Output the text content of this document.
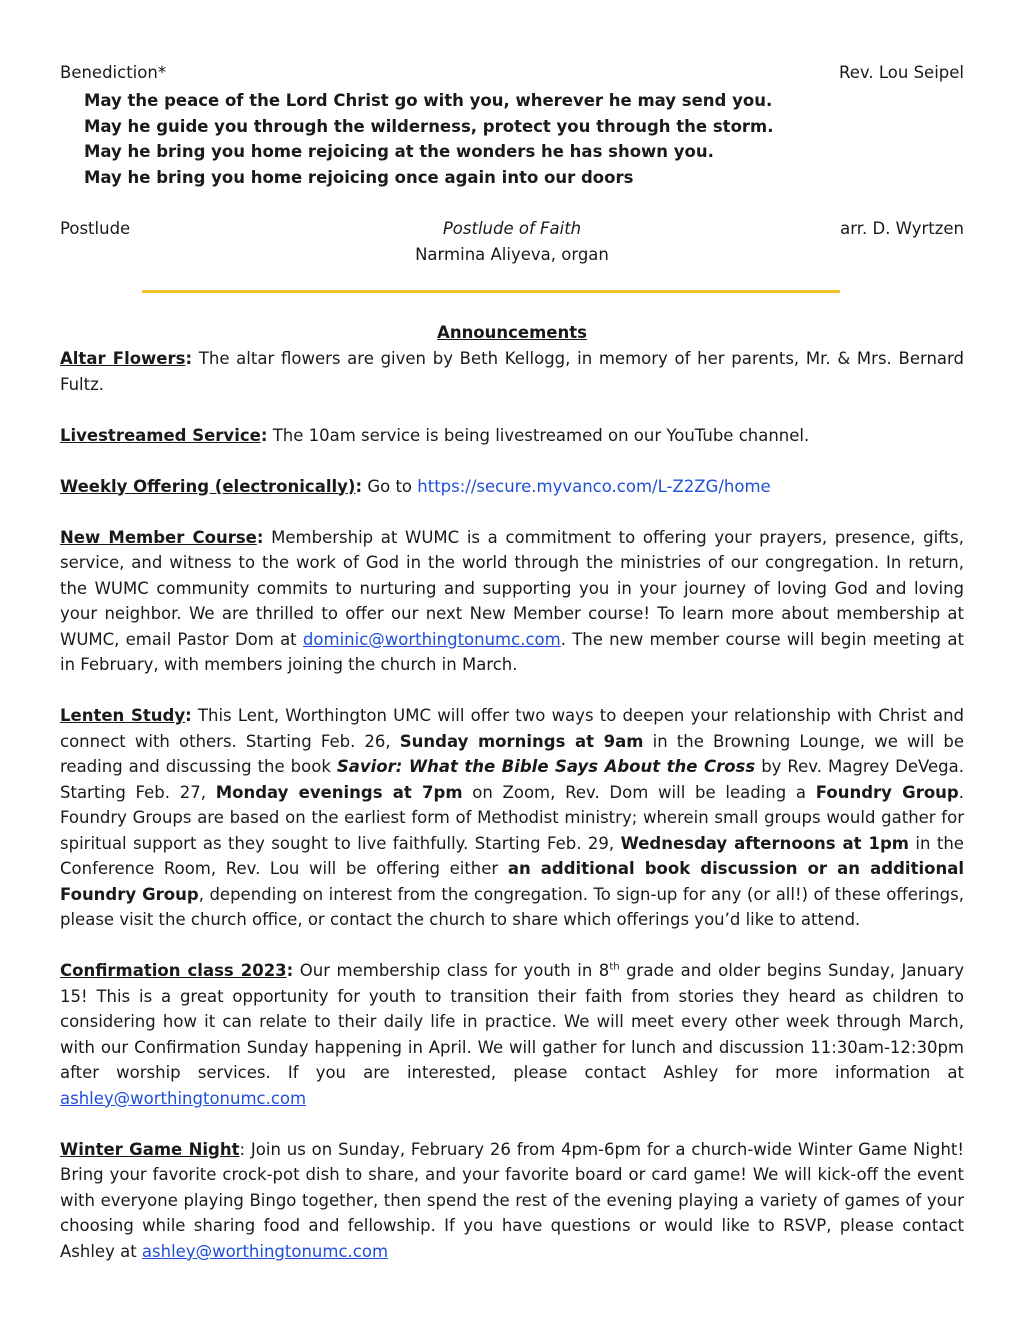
Benediction*	Rev. Lou Seipel
May the peace of the Lord Christ go with you, wherever he may send you.
May he guide you through the wilderness, protect you through the storm.
May he bring you home rejoicing at the wonders he has shown you.
May he bring you home rejoicing once again into our doors
Postlude	Postlude of Faith	arr. D. Wyrtzen
Narmina Aliyeva, organ
Announcements

Altar Flowers: The altar flowers are given by Beth Kellogg, in memory of her parents, Mr. & Mrs. Bernard Fultz.

Livestreamed Service: The 10am service is being livestreamed on our YouTube channel.

Weekly Offering (electronically): Go to https://secure.myvanco.com/L-Z2ZG/home

New Member Course: Membership at WUMC is a commitment to offering your prayers, presence, gifts, service, and witness to the work of God in the world through the ministries of our congregation. In return, the WUMC community commits to nurturing and supporting you in your journey of loving God and loving your neighbor. We are thrilled to offer our next New Member course! To learn more about membership at WUMC, email Pastor Dom at dominic@worthingtonumc.com. The new member course will begin meeting at in February, with members joining the church in March.

Lenten Study: This Lent, Worthington UMC will offer two ways to deepen your relationship with Christ and connect with others. Starting Feb. 26, Sunday mornings at 9am in the Browning Lounge, we will be reading and discussing the book Savior: What the Bible Says About the Cross by Rev. Magrey DeVega. Starting Feb. 27, Monday evenings at 7pm on Zoom, Rev. Dom will be leading a Foundry Group. Foundry Groups are based on the earliest form of Methodist ministry; wherein small groups would gather for spiritual support as they sought to live faithfully. Starting Feb. 29, Wednesday afternoons at 1pm in the Conference Room, Rev. Lou will be offering either an additional book discussion or an additional Foundry Group, depending on interest from the congregation. To sign-up for any (or all!) of these offerings, please visit the church office, or contact the church to share which offerings you’d like to attend.

Confirmation class 2023: Our membership class for youth in 8th grade and older begins Sunday, January 15! This is a great opportunity for youth to transition their faith from stories they heard as children to considering how it can relate to their daily life in practice. We will meet every other week through March, with our Confirmation Sunday happening in April. We will gather for lunch and discussion 11:30am-12:30pm after worship services. If you are interested, please contact Ashley for more information at ashley@worthingtonumc.com

Winter Game Night: Join us on Sunday, February 26 from 4pm-6pm for a church-wide Winter Game Night! Bring your favorite crock-pot dish to share, and your favorite board or card game! We will kick-off the event with everyone playing Bingo together, then spend the rest of the evening playing a variety of games of your choosing while sharing food and fellowship. If you have questions or would like to RSVP, please contact Ashley at ashley@worthingtonumc.com
